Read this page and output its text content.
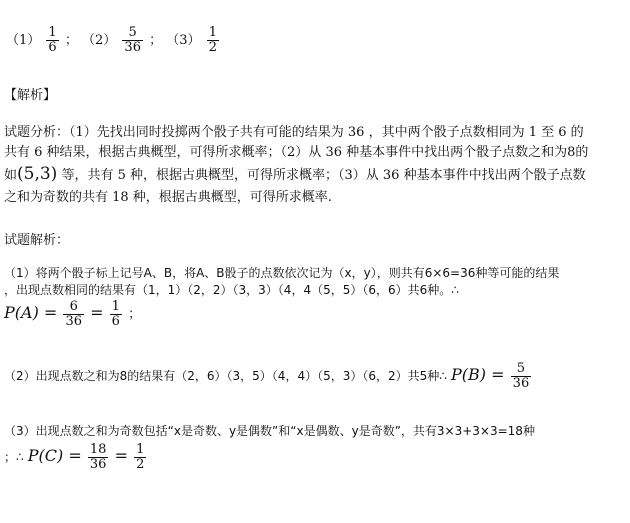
$(1) \frac{1}{6}$ ； $(2) \frac{5}{36}$ ； $(3) \frac{1}{2}$
【解析】
试题分析：（1）先找出同时投掷两个骰子共有可能的结果为 36 ，其中两个骰子点数相同为 1 至 6 的
共有 6 种结果，根据古典概型，可得所求概率；（2）从 36 种基本事件中找出两个骰子点数之和为8的
如(5,3) 等，共有 5 种，根据古典概型，可得所求概率；（3）从 36 种基本事件中找出两个骰子点数
之和为奇数的共有 18 种，根据古典概型，可得所求概率.
试题解析：
（1）将两个骰子标上记号A、B，将A、B骰子的点数依次记为（x，y），则共有6×6=36种等可能的结果
，出现点数相同的结果有（1，1）（2，2）（3，3）（4，4（5，5）（6，6）共6种。∴
$P(A) = \frac{6}{36} = \frac{1}{6}$ ；
（2）出现点数之和为8的结果有（2，6）（3，5）（4，4）（5，3）（6，2）共5种∴ $P(B) = \frac{5}{36}$
（3）出现点数之和为奇数包括“x是奇数、y是偶数”和“x是偶数、y是奇数”，共有3×3+3×3=18种
；∴ $P(C) = \frac{18}{36} = \frac{1}{2}$
